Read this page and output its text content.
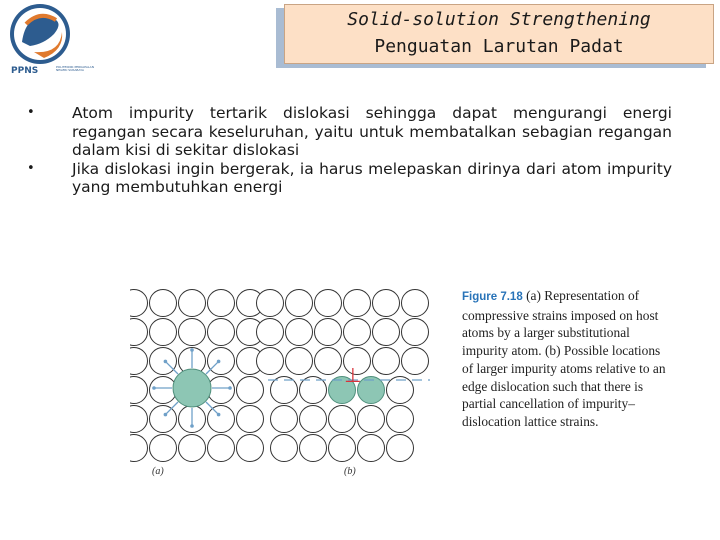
PPNS	POLITEKNIK PERKAPALAN NEGERI SURABAYA
Solid-solution Strengthening
Penguatan Larutan Padat
• Atom impurity tertarik dislokasi sehingga dapat mengurangi energi regangan secara keseluruhan, yaitu untuk membatalkan sebagian regangan dalam kisi di sekitar dislokasi
• Jika dislokasi ingin bergerak, ia harus melepaskan dirinya dari atom impurity yang membutuhkan energi
⊥
(a)	(b)
Figure 7.18 (a) Representation of compressive strains imposed on host atoms by a larger substitutional impurity atom. (b) Possible locations of larger impurity atoms relative to an edge dislocation such that there is partial cancellation of impurity–dislocation lattice strains.
